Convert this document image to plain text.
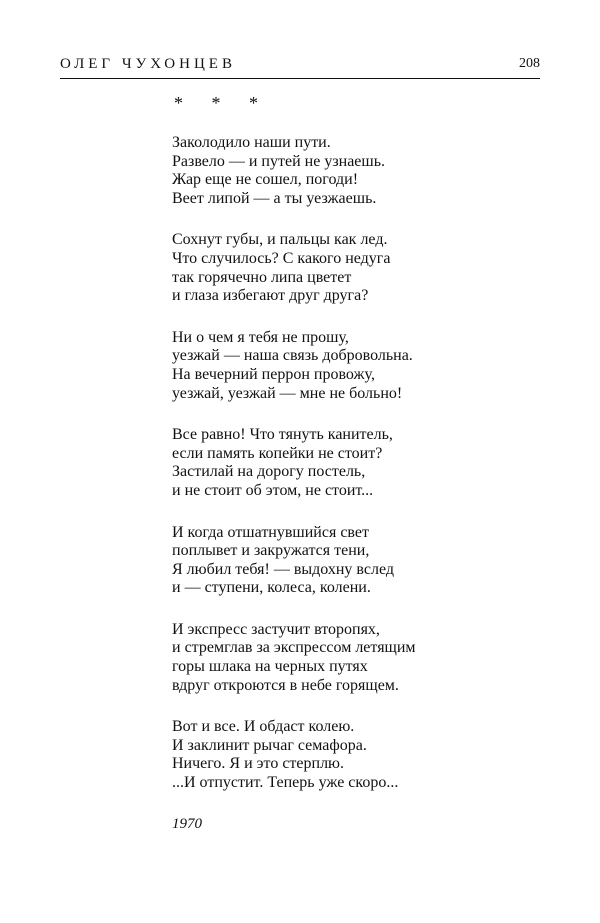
ОЛЕГ ЧУХОНЦЕВ	208
* * *
Заколодило наши пути.
Развело — и путей не узнаешь.
Жар еще не сошел, погоди!
Веет липой — а ты уезжаешь.
Сохнут губы, и пальцы как лед.
Что случилось? С какого недуга
так горячечно липа цветет
и глаза избегают друг друга?
Ни о чем я тебя не прошу,
уезжай — наша связь добровольна.
На вечерний перрон провожу,
уезжай, уезжай — мне не больно!
Все равно! Что тянуть канитель,
если память копейки не стоит?
Застилай на дорогу постель,
и не стоит об этом, не стоит...
И когда отшатнувшийся свет
поплывет и закружатся тени,
Я любил тебя! — выдохну вслед
и — ступени, колеса, колени.
И экспресс застучит второпях,
и стремглав за экспрессом летящим
горы шлака на черных путях
вдруг откроются в небе горящем.
Вот и все. И обдаст колею.
И заклинит рычаг семафора.
Ничего. Я и это стерплю.
...И отпустит. Теперь уже скоро...
1970
